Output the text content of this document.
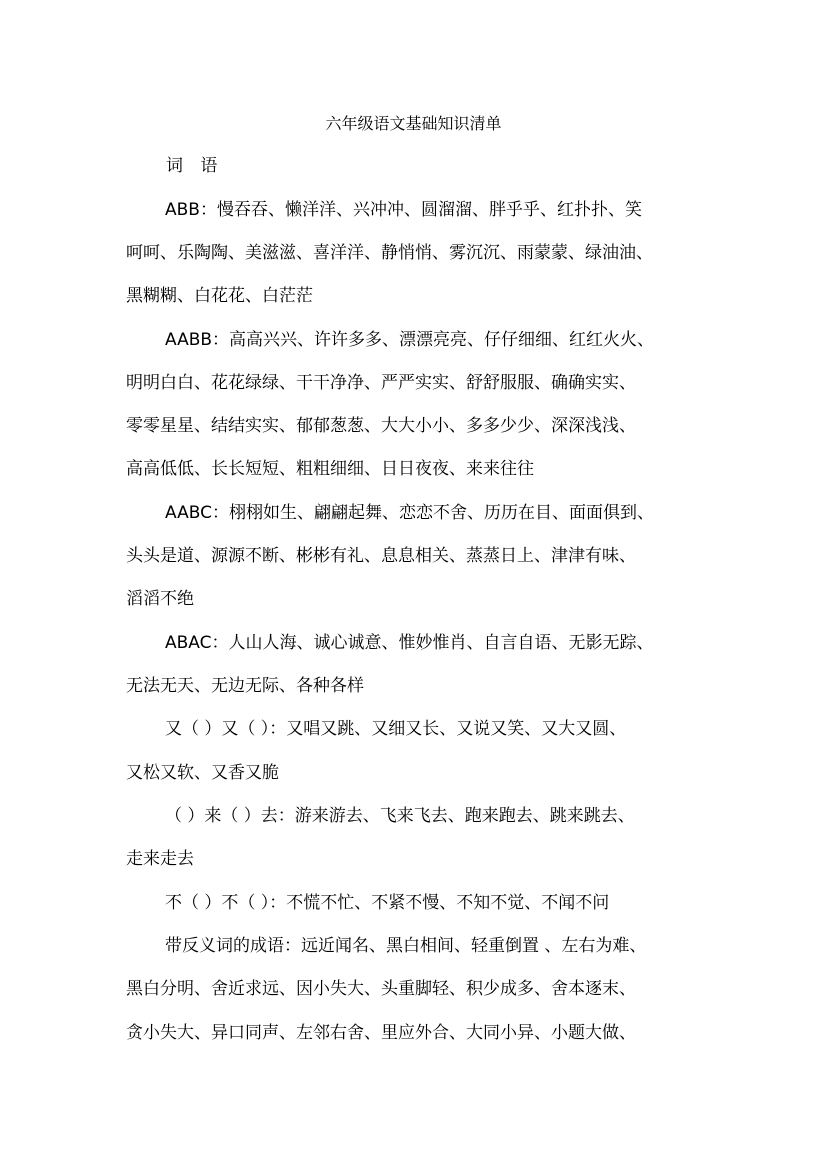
六年级语文基础知识清单
词 语
ABB：慢吞吞、懒洋洋、兴冲冲、圆溜溜、胖乎乎、红扑扑、笑
呵呵、乐陶陶、美滋滋、喜洋洋、静悄悄、雾沉沉、雨蒙蒙、绿油油、
黑糊糊、白花花、白茫茫
AABB：高高兴兴、许许多多、漂漂亮亮、仔仔细细、红红火火、
明明白白、花花绿绿、干干净净、严严实实、舒舒服服、确确实实、
零零星星、结结实实、郁郁葱葱、大大小小、多多少少、深深浅浅、
高高低低、长长短短、粗粗细细、日日夜夜、来来往往
AABC：栩栩如生、翩翩起舞、恋恋不舍、历历在目、面面俱到、
头头是道、源源不断、彬彬有礼、息息相关、蒸蒸日上、津津有味、
滔滔不绝
ABAC：人山人海、诚心诚意、惟妙惟肖、自言自语、无影无踪、
无法无天、无边无际、各种各样
又（ ）又（ ）：又唱又跳、又细又长、又说又笑、又大又圆、
又松又软、又香又脆
（ ）来（ ）去：游来游去、飞来飞去、跑来跑去、跳来跳去、
走来走去
不（ ）不（ ）：不慌不忙、不紧不慢、不知不觉、不闻不问
带反义词的成语：远近闻名、黑白相间、轻重倒置 、左右为难、
黑白分明、舍近求远、因小失大、头重脚轻、积少成多、舍本逐末、
贪小失大、异口同声、左邻右舍、里应外合、大同小异、小题大做、
